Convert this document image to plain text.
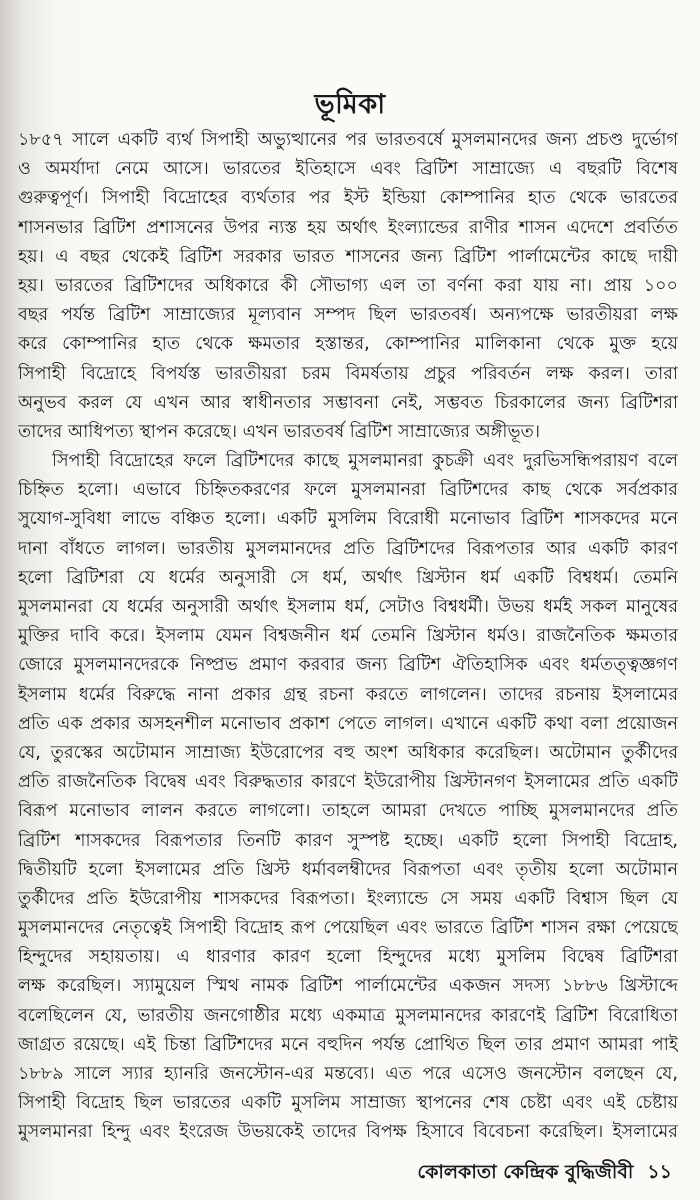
ভূমিকা
১৮৫৭ সালে একটি ব্যর্থ সিপাহী অভ্যুত্থানের পর ভারতবর্ষে মুসলমানদের জন্য প্রচণ্ড দুর্ভোগ
ও অমর্যাদা নেমে আসে। ভারতের ইতিহাসে এবং ব্রিটিশ সাম্রাজ্যে এ বছরটি বিশেষ
গুরুত্বপূর্ণ। সিপাহী বিদ্রোহের ব্যর্থতার পর ইস্ট ইন্ডিয়া কোম্পানির হাত থেকে ভারতের
শাসনভার ব্রিটিশ প্রশাসনের উপর ন্যস্ত হয় অর্থাৎ ইংল্যান্ডের রাণীর শাসন এদেশে প্রবর্তিত
হয়। এ বছর থেকেই ব্রিটিশ সরকার ভারত শাসনের জন্য ব্রিটিশ পার্লামেন্টের কাছে দায়ী
হয়। ভারতের ব্রিটিশদের অধিকারে কী সৌভাগ্য এল তা বর্ণনা করা যায় না। প্রায় ১০০
বছর পর্যন্ত ব্রিটিশ সাম্রাজ্যের মূল্যবান সম্পদ ছিল ভারতবর্ষ। অন্যপক্ষে ভারতীয়রা লক্ষ
করে কোম্পানির হাত থেকে ক্ষমতার হস্তান্তর, কোম্পানির মালিকানা থেকে মুক্ত হয়ে
সিপাহী বিদ্রোহে বিপর্যস্ত ভারতীয়রা চরম বিমর্ষতায় প্রচুর পরিবর্তন লক্ষ করল। তারা
অনুভব করল যে এখন আর স্বাধীনতার সম্ভাবনা নেই, সম্ভবত চিরকালের জন্য ব্রিটিশরা
তাদের আধিপত্য স্থাপন করেছে। এখন ভারতবর্ষ ব্রিটিশ সাম্রাজ্যের অঙ্গীভূত।
সিপাহী বিদ্রোহের ফলে ব্রিটিশদের কাছে মুসলমানরা কুচক্রী এবং দুরভিসন্ধিপরায়ণ বলে
চিহ্নিত হলো। এভাবে চিহ্নিতকরণের ফলে মুসলমানরা ব্রিটিশদের কাছ থেকে সর্বপ্রকার
সুযোগ-সুবিধা লাভে বঞ্চিত হলো। একটি মুসলিম বিরোধী মনোভাব ব্রিটিশ শাসকদের মনে
দানা বাঁধতে লাগল। ভারতীয় মুসলমানদের প্রতি ব্রিটিশদের বিরূপতার আর একটি কারণ
হলো ব্রিটিশরা যে ধর্মের অনুসারী সে ধর্ম, অর্থাৎ খ্রিস্টান ধর্ম একটি বিশ্বধর্ম। তেমনি
মুসলমানরা যে ধর্মের অনুসারী অর্থাৎ ইসলাম ধর্ম, সেটাও বিশ্বধর্মী। উভয় ধর্মই সকল মানুষের
মুক্তির দাবি করে। ইসলাম যেমন বিশ্বজনীন ধর্ম তেমনি খ্রিস্টান ধর্মও। রাজনৈতিক ক্ষমতার
জোরে মুসলমানদেরকে নিষ্প্রভ প্রমাণ করবার জন্য ব্রিটিশ ঐতিহাসিক এবং ধর্মতত্ত্বজ্ঞগণ
ইসলাম ধর্মের বিরুদ্ধে নানা প্রকার গ্রন্থ রচনা করতে লাগলেন। তাদের রচনায় ইসলামের
প্রতি এক প্রকার অসহনশীল মনোভাব প্রকাশ পেতে লাগল। এখানে একটি কথা বলা প্রয়োজন
যে, তুরস্কের অটোমান সাম্রাজ্য ইউরোপের বহু অংশ অধিকার করেছিল। অটোমান তুর্কীদের
প্রতি রাজনৈতিক বিদ্বেষ এবং বিরুদ্ধতার কারণে ইউরোপীয় খ্রিস্টানগণ ইসলামের প্রতি একটি
বিরূপ মনোভাব লালন করতে লাগলো। তাহলে আমরা দেখতে পাচ্ছি মুসলমানদের প্রতি
ব্রিটিশ শাসকদের বিরূপতার তিনটি কারণ সুস্পষ্ট হচ্ছে। একটি হলো সিপাহী বিদ্রোহ,
দ্বিতীয়টি হলো ইসলামের প্রতি খ্রিস্ট ধর্মাবলম্বীদের বিরূপতা এবং তৃতীয় হলো অটোমান
তুর্কীদের প্রতি ইউরোপীয় শাসকদের বিরূপতা। ইংল্যান্ডে সে সময় একটি বিশ্বাস ছিল যে
মুসলমানদের নেতৃত্বেই সিপাহী বিদ্রোহ রূপ পেয়েছিল এবং ভারতে ব্রিটিশ শাসন রক্ষা পেয়েছে
হিন্দুদের সহায়তায়। এ ধারণার কারণ হলো হিন্দুদের মধ্যে মুসলিম বিদ্বেষ ব্রিটিশরা
লক্ষ করেছিল। স্যামুয়েল স্মিথ নামক ব্রিটিশ পার্লামেন্টের একজন সদস্য ১৮৮৬ খ্রিস্টাব্দে
বলেছিলেন যে, ভারতীয় জনগোষ্ঠীর মধ্যে একমাত্র মুসলমানদের কারণেই ব্রিটিশ বিরোধিতা
জাগ্রত রয়েছে। এই চিন্তা ব্রিটিশদের মনে বহুদিন পর্যন্ত প্রোথিত ছিল তার প্রমাণ আমরা পাই
১৮৮৯ সালে স্যার হ্যানরি জনস্টোন-এর মন্তব্যে। এত পরে এসেও জনস্টোন বলছেন যে,
সিপাহী বিদ্রোহ ছিল ভারতের একটি মুসলিম সাম্রাজ্য স্থাপনের শেষ চেষ্টা এবং এই চেষ্টায়
মুসলমানরা হিন্দু এবং ইংরেজ উভয়কেই তাদের বিপক্ষ হিসাবে বিবেচনা করেছিল। ইসলামের
কোলকাতা কেন্দ্রিক বুদ্ধিজীবী ১১
